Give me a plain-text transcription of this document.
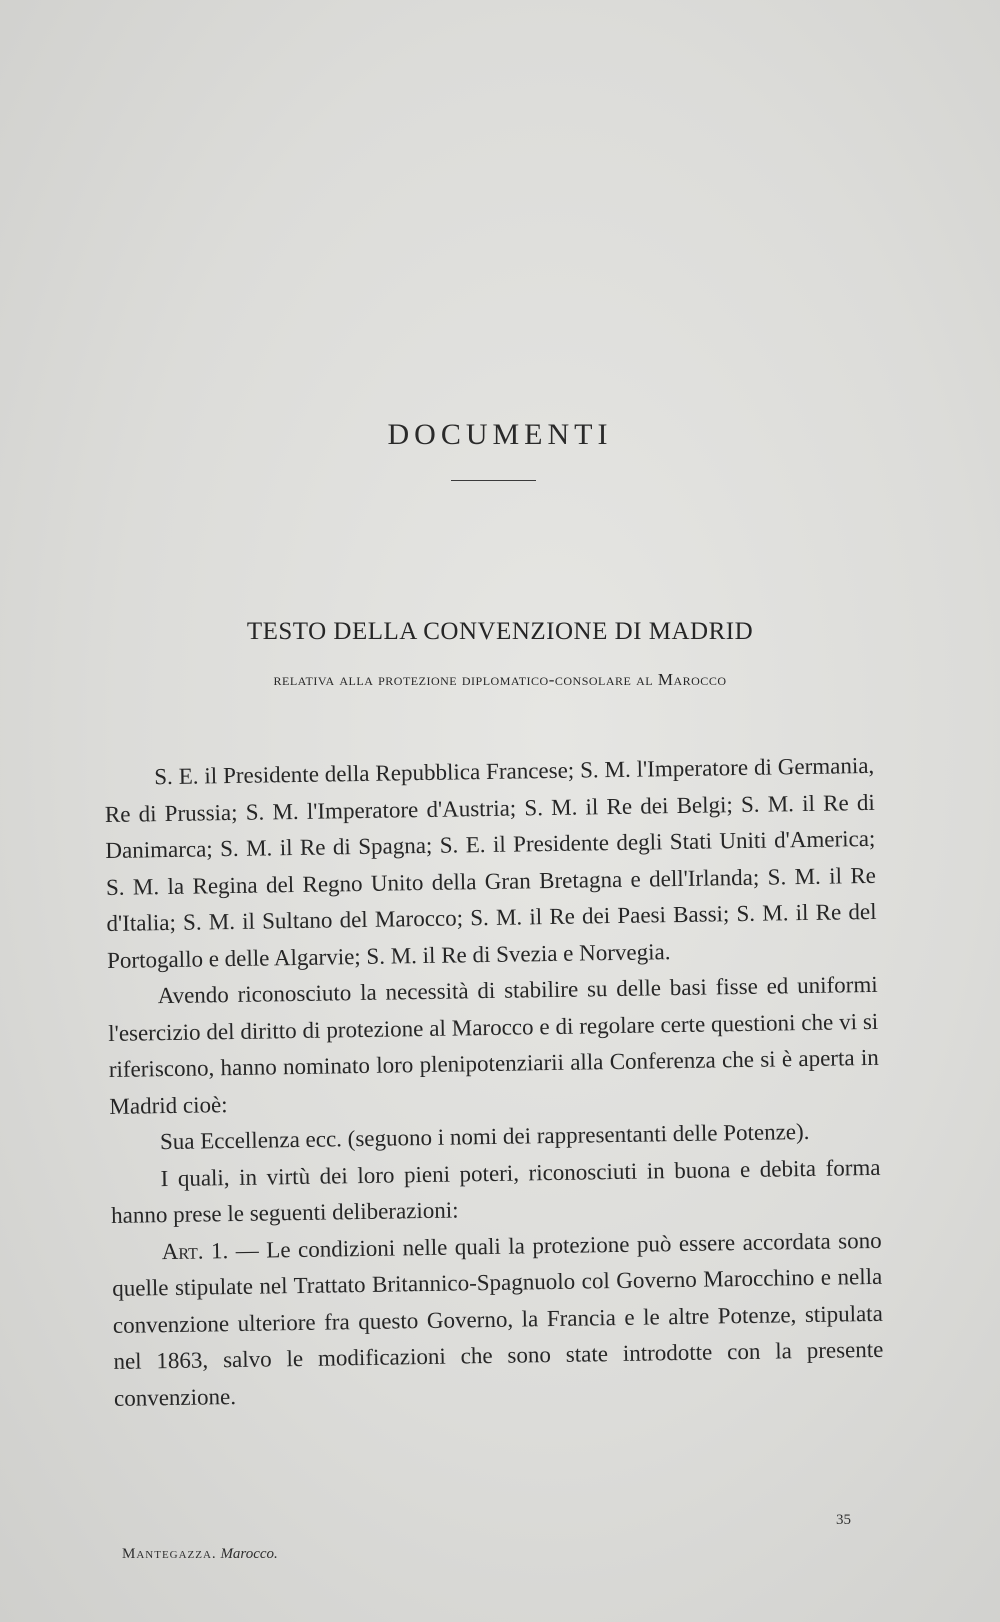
DOCUMENTI
TESTO DELLA CONVENZIONE DI MADRID
relativa alla protezione diplomatico-consolare al Marocco

S. E. il Presidente della Repubblica Francese; S. M. l'Imperatore di Germania, Re di Prussia; S. M. l'Imperatore d'Austria; S. M. il Re dei Belgi; S. M. il Re di Danimarca; S. M. il Re di Spagna; S. E. il Presidente degli Stati Uniti d'America; S. M. la Regina del Regno Unito della Gran Bretagna e dell'Irlanda; S. M. il Re d'Italia; S. M. il Sultano del Marocco; S. M. il Re dei Paesi Bassi; S. M. il Re del Portogallo e delle Algarvie; S. M. il Re di Svezia e Norvegia.

Avendo riconosciuto la necessità di stabilire su delle basi fisse ed uniformi l'esercizio del diritto di protezione al Marocco e di regolare certe questioni che vi si riferiscono, hanno nominato loro plenipotenziarii alla Conferenza che si è aperta in Madrid cioè:

Sua Eccellenza ecc. (seguono i nomi dei rappresentanti delle Potenze).

I quali, in virtù dei loro pieni poteri, riconosciuti in buona e debita forma hanno prese le seguenti deliberazioni:

Art. 1. — Le condizioni nelle quali la protezione può essere accordata sono quelle stipulate nel Trattato Britannico-Spagnuolo col Governo Marocchino e nella convenzione ulteriore fra questo Governo, la Francia e le altre Potenze, stipulata nel 1863, salvo le modificazioni che sono state introdotte con la presente convenzione.

35
Mantegazza. Marocco.
